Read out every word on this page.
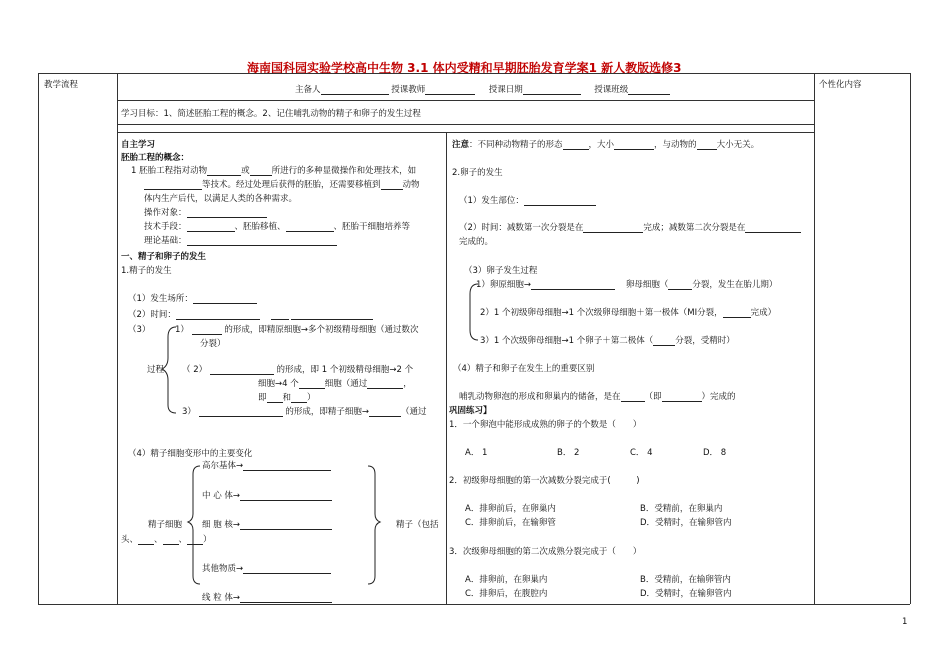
海南国科园实验学校高中生物 3.1 体内受精和早期胚胎发育学案1 新人教版选修3
教学流程	个性化内容
主备人	授课教师	授课日期	授课班级
学习目标：1、简述胚胎工程的概念。2、记住哺乳动物的精子和卵子的发生过程
自主学习
胚胎工程的概念：
1 胚胎工程指对动物	或	所进行的多种显微操作和处理技术，如
等技术。经过处理后获得的胚胎，还需要移植到	动物
体内生产后代，以满足人类的各种需求。
操作对象：
技术手段：	、胚胎移植、	、胚胎干细胞培养等
理论基础：
一、精子和卵子的发生
1.精子的发生
（1）发生场所：
（2）时间：
（3）	1）	的形成，即精原细胞→多个初级精母细胞（通过数次
分裂）
过程 （ 2）	的形成，即 1 个初级精母细胞→2 个
细胞→4 个	细胞（通过	，
即 和 ）
3）	的形成，即精子细胞→	（通过
（4）精子细胞变形中的主要变化
高尔基体→
中 心 体→
精子细胞 细 胞 核→	精子（包括
头、 、 、 ）
其他物质→
线 粒 体→
注意：不同种动物精子的形态	，大小	，与动物的 大小无关。
2.卵子的发生
（1）发生部位：
（2）时间：减数第一次分裂是在	完成；减数第二次分裂是在
完成的。
（3）卵子发生过程
1）卵原细胞→	卵母细胞（	分裂，发生在胎儿期）
2）1 个初级卵母细胞→1 个次级卵母细胞＋第一极体（MⅠ分裂，	完成）
3）1 个次级卵母细胞→1 个卵子＋第二极体（	分裂，受精时）
（4）精子和卵子在发生上的重要区别
哺乳动物卵泡的形成和卵巢内的储备，是在	（即	）完成的
巩固练习】
1．一个卵泡中能形成成熟的卵子的个数是（　　）
A． 1	B． 2	C． 4	D． 8
2．初级卵母细胞的第一次减数分裂完成于(　　　)
A．排卵前后，在卵巢内	B．受精前，在卵巢内
C．排卵前后，在输卵管	D．受精时，在输卵管内
3．次级卵母细胞的第二次成熟分裂完成于（　　）
A．排卵前，在卵巢内	B．受精前，在输卵管内
C．排卵后，在腹腔内	D．受精时，在输卵管内
1
